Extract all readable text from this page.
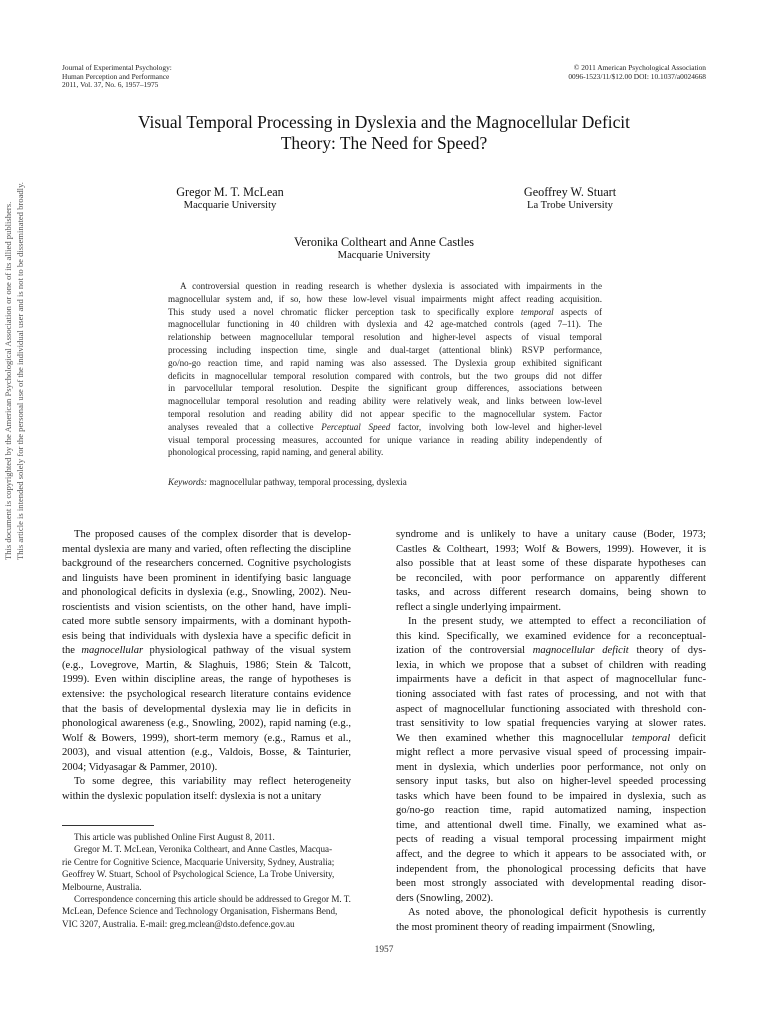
Journal of Experimental Psychology:
Human Perception and Performance
2011, Vol. 37, No. 6, 1957–1975
© 2011 American Psychological Association
0096-1523/11/$12.00 DOI: 10.1037/a0024668
Visual Temporal Processing in Dyslexia and the Magnocellular Deficit
Theory: The Need for Speed?
Gregor M. T. McLean
Macquarie University
Geoffrey W. Stuart
La Trobe University
Veronika Coltheart and Anne Castles
Macquarie University
A controversial question in reading research is whether dyslexia is associated with impairments in the
magnocellular system and, if so, how these low-level visual impairments might affect reading acquisition.
This study used a novel chromatic flicker perception task to specifically explore temporal aspects of
magnocellular functioning in 40 children with dyslexia and 42 age-matched controls (aged 7–11). The
relationship between magnocellular temporal resolution and higher-level aspects of visual temporal
processing including inspection time, single and dual-target (attentional blink) RSVP performance,
go/no-go reaction time, and rapid naming was also assessed. The Dyslexia group exhibited significant
deficits in magnocellular temporal resolution compared with controls, but the two groups did not differ
in parvocellular temporal resolution. Despite the significant group differences, associations between
magnocellular temporal resolution and reading ability were relatively weak, and links between low-level
temporal resolution and reading ability did not appear specific to the magnocellular system. Factor
analyses revealed that a collective Perceptual Speed factor, involving both low-level and higher-level
visual temporal processing measures, accounted for unique variance in reading ability independently of
phonological processing, rapid naming, and general ability.
Keywords: magnocellular pathway, temporal processing, dyslexia
The proposed causes of the complex disorder that is develop-
mental dyslexia are many and varied, often reflecting the discipline
background of the researchers concerned. Cognitive psychologists
and linguists have been prominent in identifying basic language
and phonological deficits in dyslexia (e.g., Snowling, 2002). Neu-
roscientists and vision scientists, on the other hand, have impli-
cated more subtle sensory impairments, with a dominant hypoth-
esis being that individuals with dyslexia have a specific deficit in
the magnocellular physiological pathway of the visual system
(e.g., Lovegrove, Martin, & Slaghuis, 1986; Stein & Talcott,
1999). Even within discipline areas, the range of hypotheses is
extensive: the psychological research literature contains evidence
that the basis of developmental dyslexia may lie in deficits in
phonological awareness (e.g., Snowling, 2002), rapid naming (e.g.,
Wolf & Bowers, 1999), short-term memory (e.g., Ramus et al.,
2003), and visual attention (e.g., Valdois, Bosse, & Tainturier,
2004; Vidyasagar & Pammer, 2010).
To some degree, this variability may reflect heterogeneity
within the dyslexic population itself: dyslexia is not a unitary
syndrome and is unlikely to have a unitary cause (Boder, 1973;
Castles & Coltheart, 1993; Wolf & Bowers, 1999). However, it is
also possible that at least some of these disparate hypotheses can
be reconciled, with poor performance on apparently different
tasks, and across different research domains, being shown to
reflect a single underlying impairment.
In the present study, we attempted to effect a reconciliation of
this kind. Specifically, we examined evidence for a reconceptual-
ization of the controversial magnocellular deficit theory of dys-
lexia, in which we propose that a subset of children with reading
impairments have a deficit in that aspect of magnocellular func-
tioning associated with fast rates of processing, and not with that
aspect of magnocellular functioning associated with threshold con-
trast sensitivity to low spatial frequencies varying at slower rates.
We then examined whether this magnocellular temporal deficit
might reflect a more pervasive visual speed of processing impair-
ment in dyslexia, which underlies poor performance, not only on
sensory input tasks, but also on higher-level speeded processing
tasks which have been found to be impaired in dyslexia, such as
go/no-go reaction time, rapid automatized naming, inspection
time, and attentional dwell time. Finally, we examined what as-
pects of reading a visual temporal processing impairment might
affect, and the degree to which it appears to be associated with, or
independent from, the phonological processing deficits that have
been most strongly associated with developmental reading disor-
ders (Snowling, 2002).
As noted above, the phonological deficit hypothesis is currently
the most prominent theory of reading impairment (Snowling,
This article was published Online First August 8, 2011.
Gregor M. T. McLean, Veronika Coltheart, and Anne Castles, Macqua-
rie Centre for Cognitive Science, Macquarie University, Sydney, Australia;
Geoffrey W. Stuart, School of Psychological Science, La Trobe University,
Melbourne, Australia.
Correspondence concerning this article should be addressed to Gregor M. T.
McLean, Defence Science and Technology Organisation, Fishermans Bend,
VIC 3207, Australia. E-mail: greg.mclean@dsto.defence.gov.au
1957
This document is copyrighted by the American Psychological Association or one of its allied publishers. This article is intended solely for the personal use of the individual user and is not to be disseminated broadly.
